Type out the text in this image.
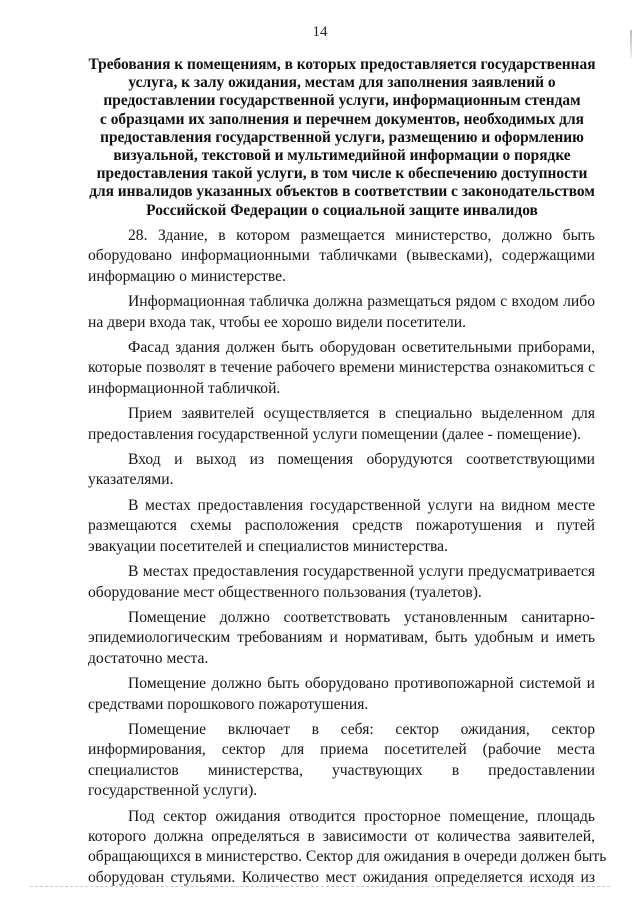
14
Требования к помещениям, в которых предоставляется государственная
услуга, к залу ожидания, местам для заполнения заявлений о
предоставлении государственной услуги, информационным стендам
с образцами их заполнения и перечнем документов, необходимых для
предоставления государственной услуги, размещению и оформлению
визуальной, текстовой и мультимедийной информации о порядке
предоставления такой услуги, в том числе к обеспечению доступности
для инвалидов указанных объектов в соответствии с законодательством
Российской Федерации о социальной защите инвалидов
28. Здание, в котором размещается министерство, должно быть
оборудовано информационными табличками (вывесками), содержащими
информацию о министерстве.
Информационная табличка должна размещаться рядом с входом либо
на двери входа так, чтобы ее хорошо видели посетители.
Фасад здания должен быть оборудован осветительными приборами,
которые позволят в течение рабочего времени министерства ознакомиться с
информационной табличкой.
Прием заявителей осуществляется в специально выделенном для
предоставления государственной услуги помещении (далее - помещение).
Вход и выход из помещения оборудуются соответствующими
указателями.
В местах предоставления государственной услуги на видном месте
размещаются схемы расположения средств пожаротушения и путей
эвакуации посетителей и специалистов министерства.
В местах предоставления государственной услуги предусматривается
оборудование мест общественного пользования (туалетов).
Помещение должно соответствовать установленным санитарно-
эпидемиологическим требованиям и нормативам, быть удобным и иметь
достаточно места.
Помещение должно быть оборудовано противопожарной системой и
средствами порошкового пожаротушения.
Помещение включает в себя: сектор ожидания, сектор
информирования, сектор для приема посетителей (рабочие места
специалистов министерства, участвующих в предоставлении
государственной услуги).
Под сектор ожидания отводится просторное помещение, площадь
которого должна определяться в зависимости от количества заявителей,
обращающихся в министерство. Сектор для ожидания в очереди должен быть
оборудован стульями. Количество мест ожидания определяется исходя из
